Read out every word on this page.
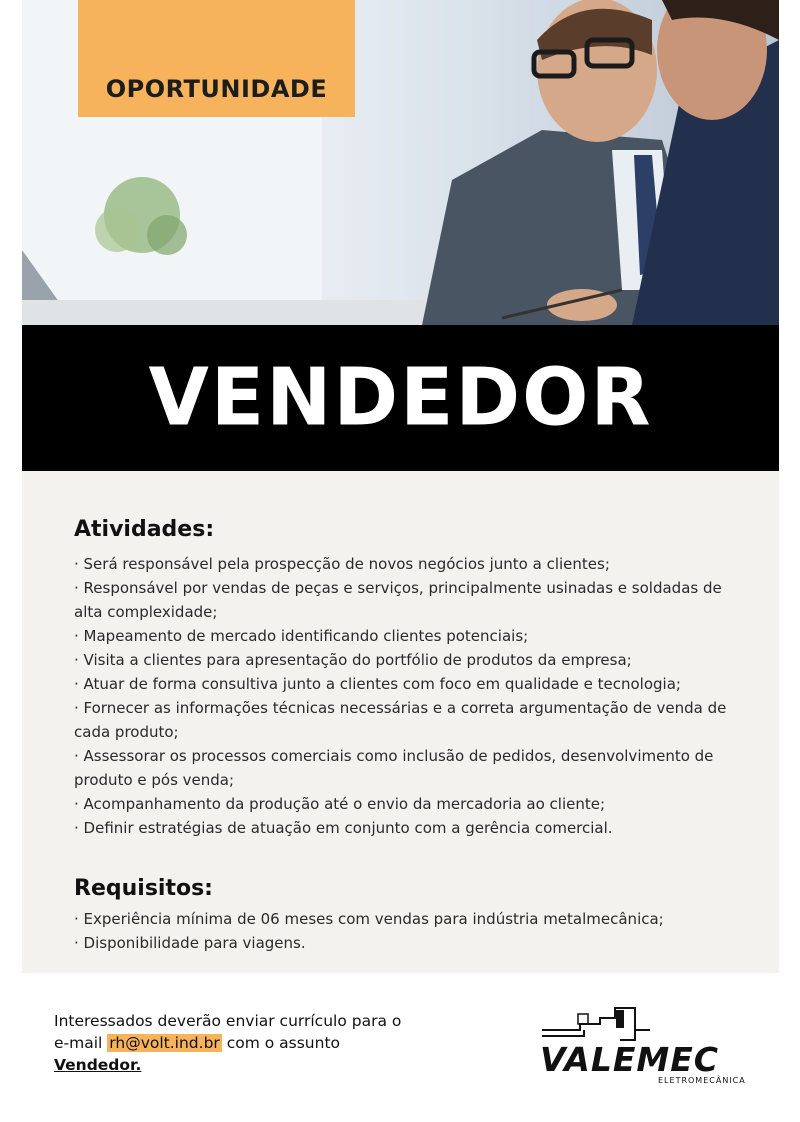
OPORTUNIDADE
VENDEDOR
Atividades:
· Será responsável pela prospecção de novos negócios junto a clientes;
· Responsável por vendas de peças e serviços, principalmente usinadas e soldadas de alta complexidade;
· Mapeamento de mercado identificando clientes potenciais;
· Visita a clientes para apresentação do portfólio de produtos da empresa;
· Atuar de forma consultiva junto a clientes com foco em qualidade e tecnologia;
· Fornecer as informações técnicas necessárias e a correta argumentação de venda de cada produto;
· Assessorar os processos comerciais como inclusão de pedidos, desenvolvimento de produto e pós venda;
· Acompanhamento da produção até o envio da mercadoria ao cliente;
· Definir estratégias de atuação em conjunto com a gerência comercial.
Requisitos:
· Experiência mínima de 06 meses com vendas para indústria metalmecânica;
· Disponibilidade para viagens.
Interessados deverão enviar currículo para o
e-mail rh@volt.ind.br com o assunto
Vendedor.	VALEMEC
ELETROMECÂNICA
